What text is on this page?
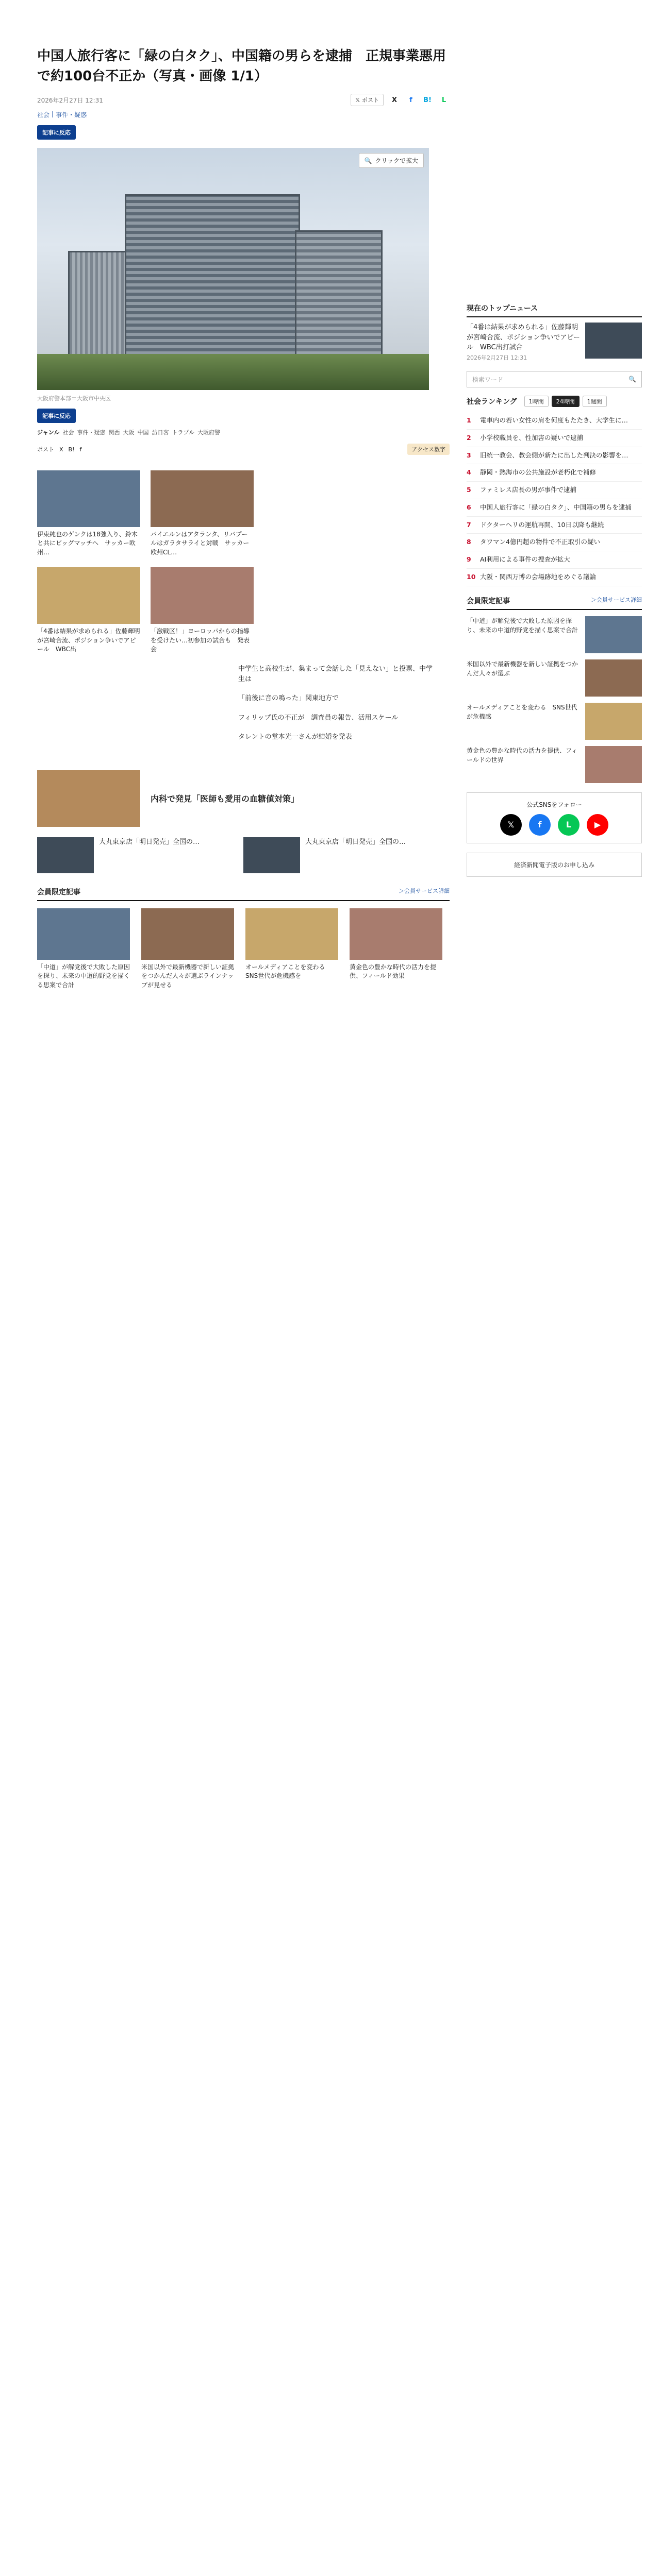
中国人旅行客に「緑の白タク」、中国籍の男らを逮捕　正規事業悪用で約100台不正か（写真・画像 1/1）
2026年2月27日 12:31	𝕏 ポスト	X	f	B!	L
社会 | 事件・疑惑
記事に反応
🔍 クリックで拡大
大阪府警本部＝大阪市中央区
記事に反応
ジャンル 社会 事件・疑惑 関西 大阪 中国 訪日客 トラブル 大阪府警
ポスト X B! f	アクセス数字
伊東純也のゲンクは18強入り、鈴木と共にビッグマッチへ　サッカー欧州…
バイエルンはアタランタ、リバプールはガラタサライと対戦　サッカー欧州CL…
「4番は結果が求められる」佐藤輝明が宮崎合流、ポジション争いでアピール　WBC出
「激戦区！」ヨーロッパからの指導を受けたい…初参加の試合も　発表会

中学生と高校生が、集まって会話した「見えない」と投票、中学生は

「前後に音の鳴った」関東地方で

フィリップ氏の不正が　調査員の報告、活用スケール

タレントの堂本光一さんが結婚を発表

内科で発見「医師も愛用の血糖値対策」
大丸東京店「明日発売」全国の…	大丸東京店「明日発売」全国の…
会員限定記事	＞会員サービス詳細
「中道」が解党後で大敗した原因を探り、未来の中道的野党を描くる思案で合計
米国以外で最新機器で新しい証拠をつかんだ人々が選ぶラインナップが見せる
オールメディアことを変わる　SNS世代が危機感を
黄金色の豊かな時代の活力を提供、フィールド効果
現在のトップニュース
「4番は結果が求められる」佐藤輝明が宮崎合流、ポジション争いでアピール　WBC出打試合
2026年2月27日 12:31
検索ワード	🔍
社会ランキング	1時間	24時間	1週間
1	電車内の若い女性の肩を何度もたたき、大学生に…
2	小学校職員を、性加害の疑いで逮捕
3	旧統一教会、教会側が新たに出した判決の影響を…
4	静岡・熱海市の公共施設が老朽化で補修
5	ファミレス店長の男が事件で逮捕
6	中国人旅行客に「緑の白タク」、中国籍の男らを逮捕
7	ドクターヘリの運航再開、10日以降も継続
8	タワマン4億円超の物件で不正取引の疑い
9	AI利用による事件の捜査が拡大
10 大阪・関西万博の会場跡地をめぐる議論
会員限定記事	＞会員サービス詳細
「中道」が解党後で大敗した原因を探り、未来の中道的野党を描く思案で合計
米国以外で最新機器を新しい証拠をつかんだ人々が選ぶ
オールメディアことを変わる　SNS世代が危機感
黄金色の豊かな時代の活力を提供、フィールドの世界
公式SNSをフォロー
𝕏	f	L	▶
経済新聞電子版のお申し込み
